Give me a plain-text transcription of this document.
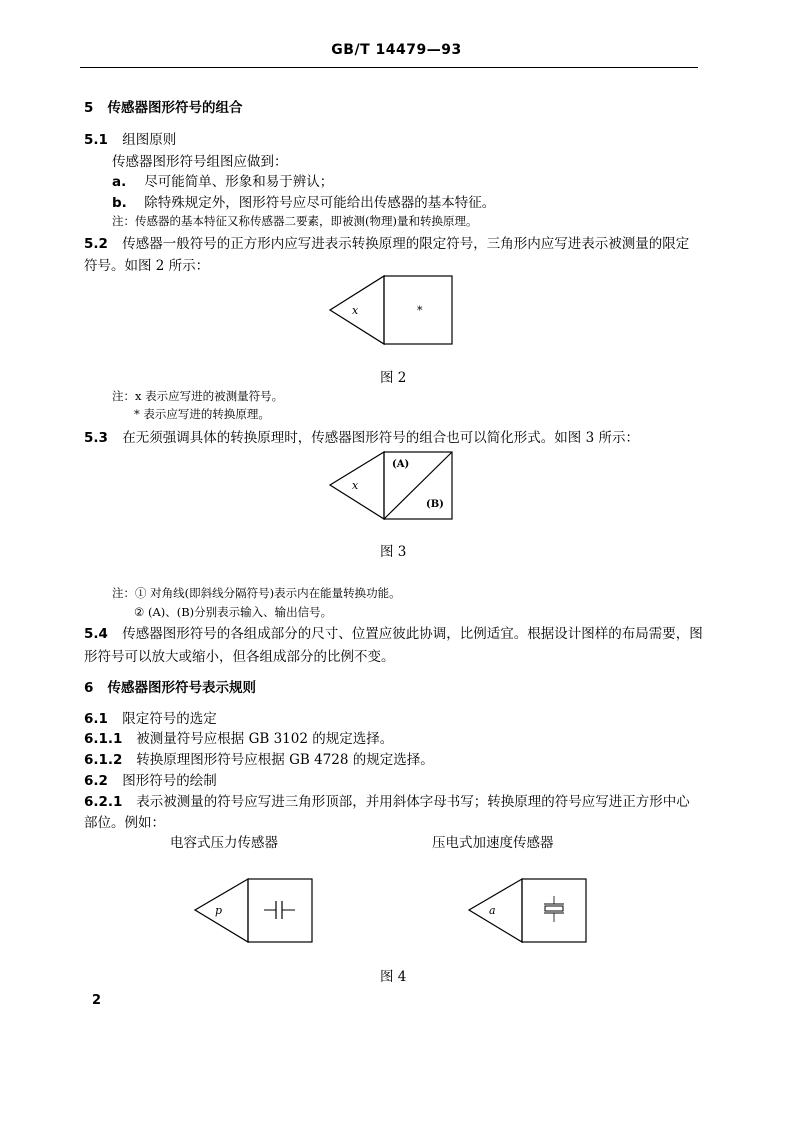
GB/T 14479—93
5 传感器图形符号的组合
5.1 组图原则
传感器图形符号组图应做到：
a. 尽可能简单、形象和易于辨认；
b. 除特殊规定外，图形符号应尽可能给出传感器的基本特征。
注：传感器的基本特征又称传感器二要素，即被测(物理)量和转换原理。
5.2 传感器一般符号的正方形内应写进表示转换原理的限定符号，三角形内应写进表示被测量的限定
符号。如图 2 所示：
x	*
图 2
注：x 表示应写进的被测量符号。
* 表示应写进的转换原理。
5.3 在无须强调具体的转换原理时，传感器图形符号的组合也可以简化形式。如图 3 所示：
x
(A)
(B)
图 3
注：① 对角线(即斜线分隔符号)表示内在能量转换功能。
② (A)、(B)分别表示输入、输出信号。
5.4 传感器图形符号的各组成部分的尺寸、位置应彼此协调，比例适宜。根据设计图样的布局需要，图
形符号可以放大或缩小，但各组成部分的比例不变。
6 传感器图形符号表示规则
6.1 限定符号的选定
6.1.1 被测量符号应根据 GB 3102 的规定选择。
6.1.2 转换原理图形符号应根据 GB 4728 的规定选择。
6.2 图形符号的绘制
6.2.1 表示被测量的符号应写进三角形顶部，并用斜体字母书写；转换原理的符号应写进正方形中心
部位。例如：
电容式压力传感器	压电式加速度传感器
p	a
图 4
2
